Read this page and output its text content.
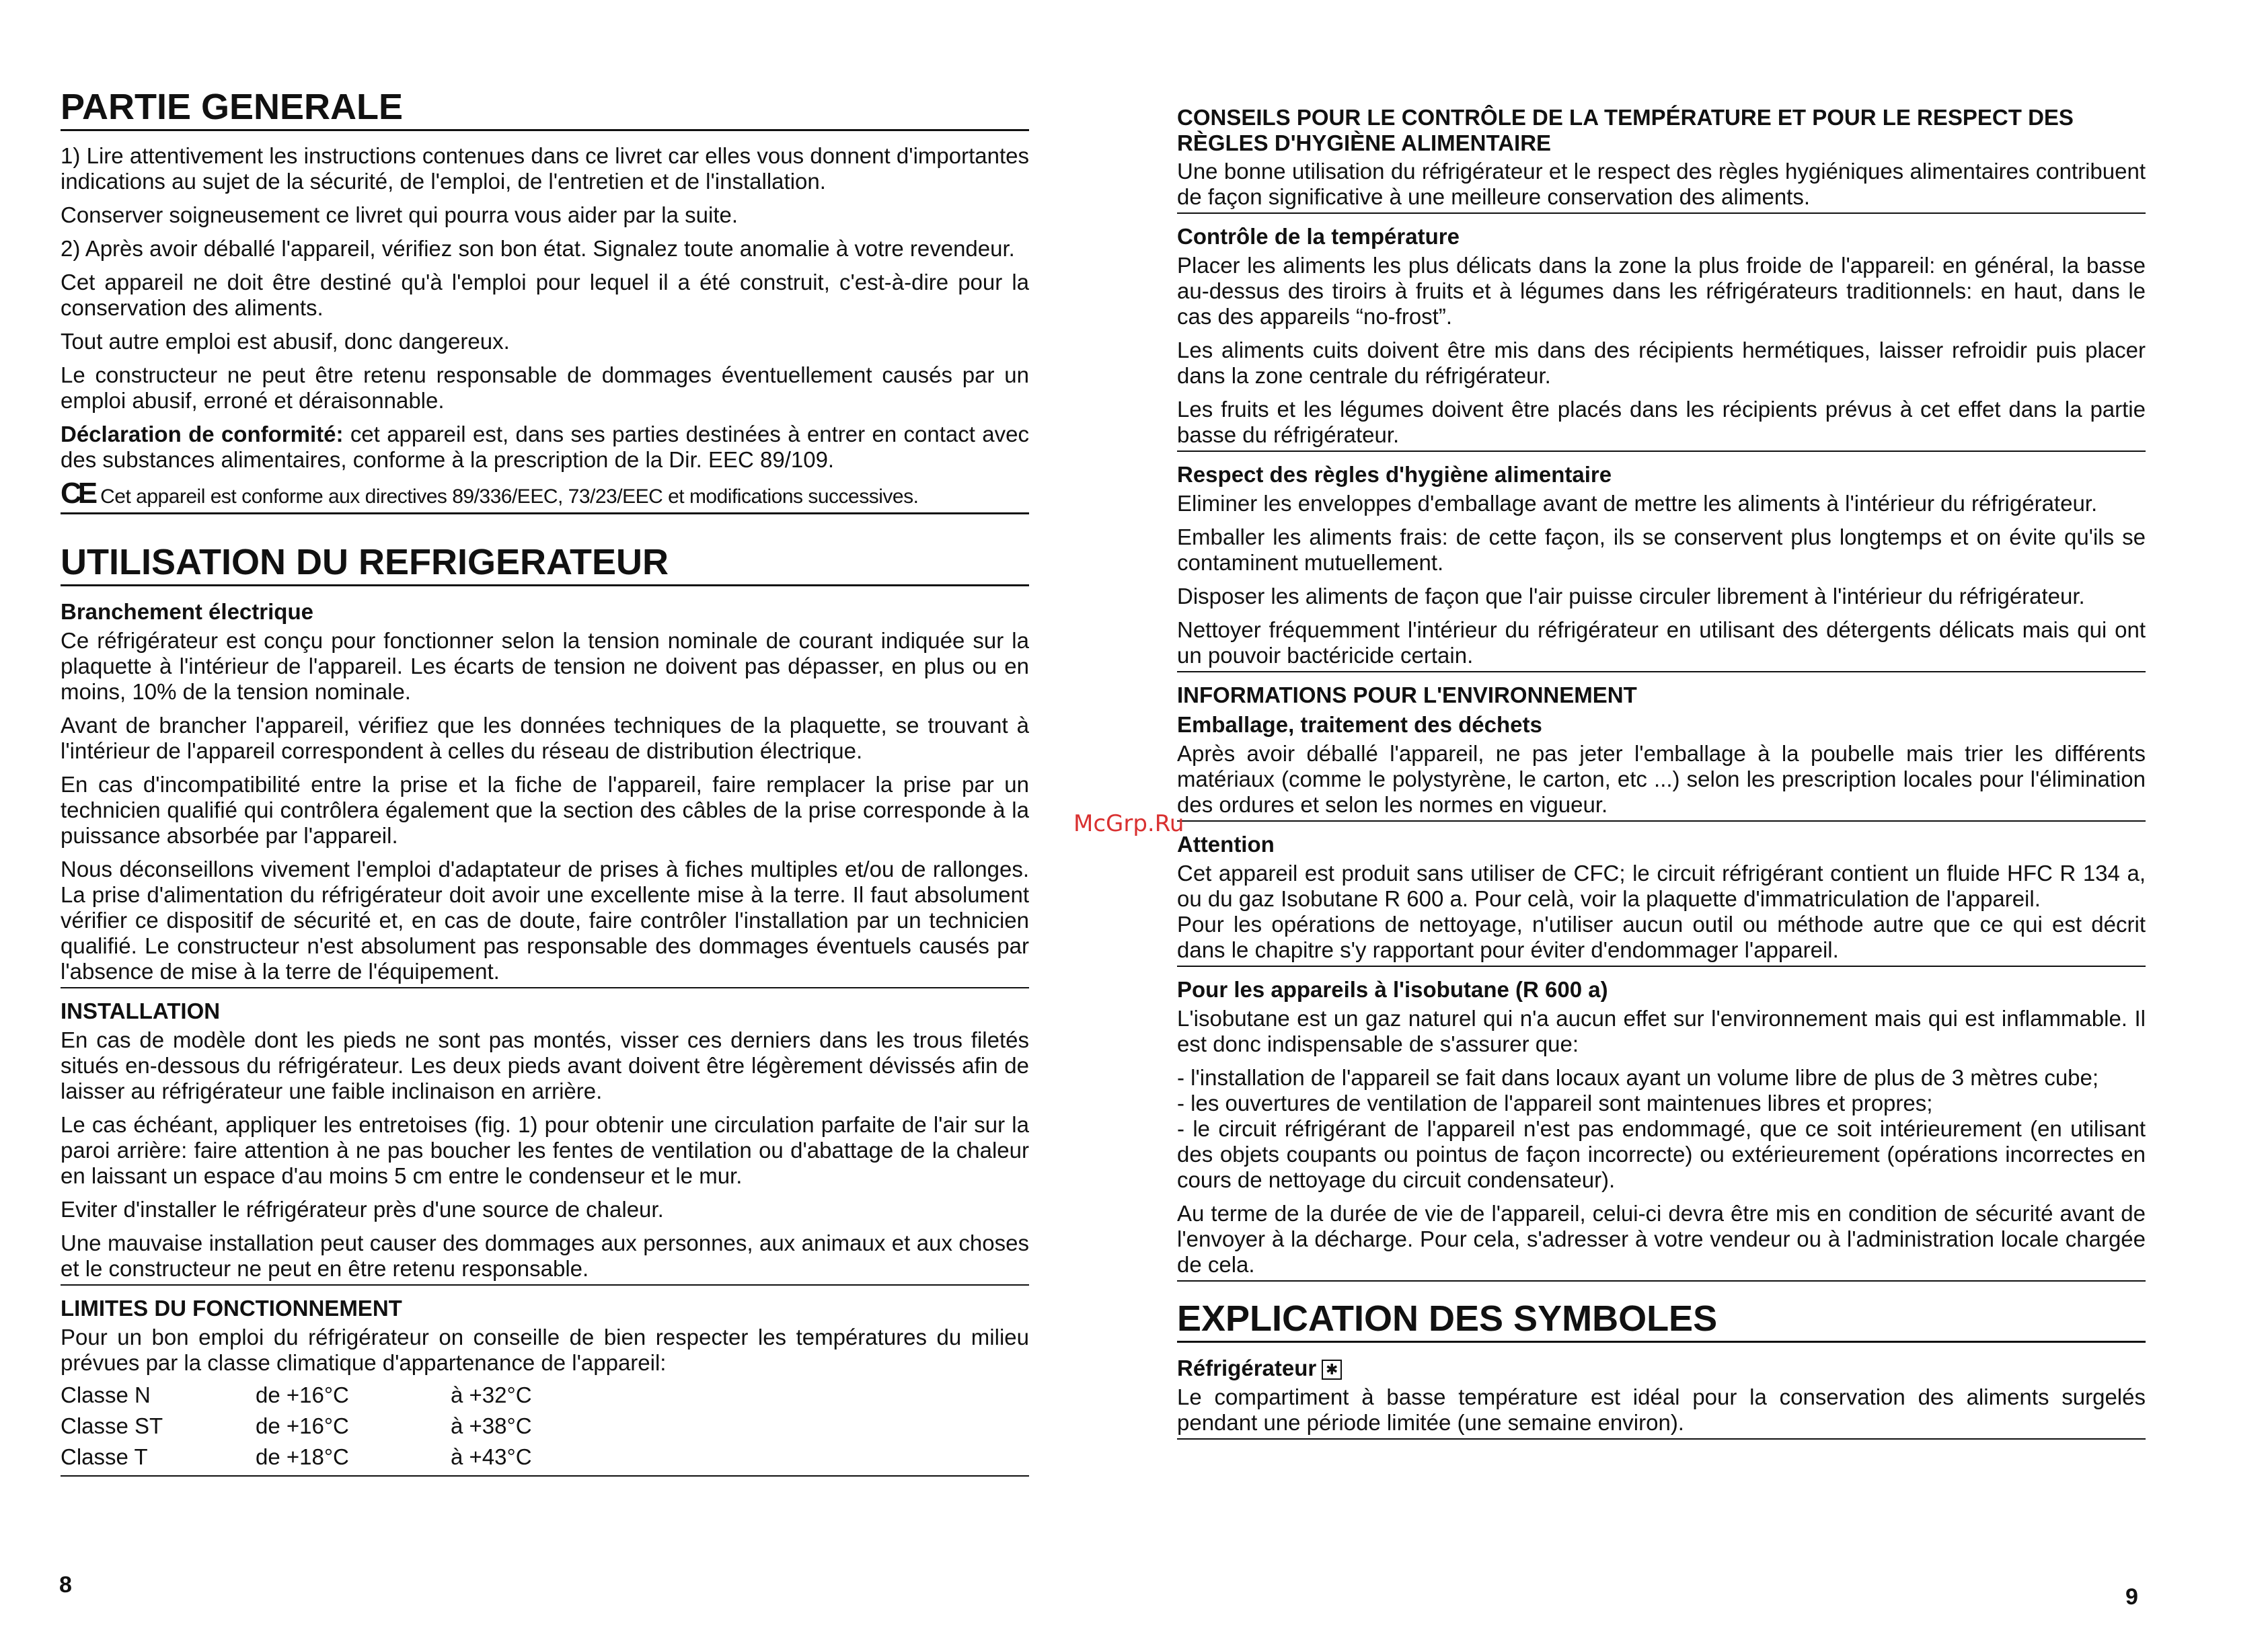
PARTIE GENERALE

1) Lire attentivement les instructions contenues dans ce livret car elles vous donnent d'importantes indications au sujet de la sécurité, de l'emploi, de l'entretien et de l'installation.

Conserver soigneusement ce livret qui pourra vous aider par la suite.

2) Après avoir déballé l'appareil, vérifiez son bon état. Signalez toute anomalie à votre revendeur.

Cet appareil ne doit être destiné qu'à l'emploi pour lequel il a été construit, c'est-à-dire pour la conservation des aliments.

Tout autre emploi est abusif, donc dangereux.

Le constructeur ne peut être retenu responsable de dommages éventuellement causés par un emploi abusif, erroné et déraisonnable.

Déclaration de conformité: cet appareil est, dans ses parties destinées à entrer en contact avec des substances alimentaires, conforme à la prescription de la Dir. EEC 89/109.

CE Cet appareil est conforme aux directives 89/336/EEC, 73/23/EEC et modifications successives.

UTILISATION DU REFRIGERATEUR
Branchement électrique

Ce réfrigérateur est conçu pour fonctionner selon la tension nominale de courant indiquée sur la plaquette à l'intérieur de l'appareil. Les écarts de tension ne doivent pas dépasser, en plus ou en moins, 10% de la tension nominale.

Avant de brancher l'appareil, vérifiez que les données techniques de la plaquette, se trouvant à l'intérieur de l'appareil correspondent à celles du réseau de distribution électrique.

En cas d'incompatibilité entre la prise et la fiche de l'appareil, faire remplacer la prise par un technicien qualifié qui contrôlera également que la section des câbles de la prise corresponde à la puissance absorbée par l'appareil.

Nous déconseillons vivement l'emploi d'adaptateur de prises à fiches multiples et/ou de rallonges. La prise d'alimentation du réfrigérateur doit avoir une excellente mise à la terre. Il faut absolument vérifier ce dispositif de sécurité et, en cas de doute, faire contrôler l'installation par un technicien qualifié. Le constructeur n'est absolument pas responsable des dommages éventuels causés par l'absence de mise à la terre de l'équipement.

INSTALLATION

En cas de modèle dont les pieds ne sont pas montés, visser ces derniers dans les trous filetés situés en-dessous du réfrigérateur. Les deux pieds avant doivent être légèrement dévissés afin de laisser au réfrigérateur une faible inclinaison en arrière.

Le cas échéant, appliquer les entretoises (fig. 1) pour obtenir une circulation parfaite de l'air sur la paroi arrière: faire attention à ne pas boucher les fentes de ventilation ou d'abattage de la chaleur en laissant un espace d'au moins 5 cm entre le condenseur et le mur.

Eviter d'installer le réfrigérateur près d'une source de chaleur.

Une mauvaise installation peut causer des dommages aux personnes, aux animaux et aux choses et le constructeur ne peut en être retenu responsable.

LIMITES DU FONCTIONNEMENT

Pour un bon emploi du réfrigérateur on conseille de bien respecter les températures du milieu prévues par la classe climatique d'appartenance de l'appareil:

Classe N	de +16°C	à +32°C
Classe ST	de +16°C	à +38°C
Classe T	de +18°C	à +43°C
8
CONSEILS POUR LE CONTRÔLE DE LA TEMPÉRATURE ET POUR LE RESPECT DES RÈGLES D'HYGIÈNE ALIMENTAIRE

Une bonne utilisation du réfrigérateur et le respect des règles hygiéniques alimentaires contribuent de façon significative à une meilleure conservation des aliments.

Contrôle de la température

Placer les aliments les plus délicats dans la zone la plus froide de l'appareil: en général, la basse au-dessus des tiroirs à fruits et à légumes dans les réfrigérateurs traditionnels: en haut, dans le cas des appareils “no-frost”.

Les aliments cuits doivent être mis dans des récipients hermétiques, laisser refroidir puis placer dans la zone centrale du réfrigérateur.

Les fruits et les légumes doivent être placés dans les récipients prévus à cet effet dans la partie basse du réfrigérateur.

Respect des règles d'hygiène alimentaire

Eliminer les enveloppes d'emballage avant de mettre les aliments à l'intérieur du réfrigérateur.

Emballer les aliments frais: de cette façon, ils se conservent plus longtemps et on évite qu'ils se contaminent mutuellement.

Disposer les aliments de façon que l'air puisse circuler librement à l'intérieur du réfrigérateur.

Nettoyer fréquemment l'intérieur du réfrigérateur en utilisant des détergents délicats mais qui ont un pouvoir bactéricide certain.

INFORMATIONS POUR L'ENVIRONNEMENT
Emballage, traitement des déchets

Après avoir déballé l'appareil, ne pas jeter l'emballage à la poubelle mais trier les différents matériaux (comme le polystyrène, le carton, etc ...) selon les prescription locales pour l'élimination des ordures et selon les normes en vigueur.

Attention

Cet appareil est produit sans utiliser de CFC; le circuit réfrigérant contient un fluide HFC R 134 a, ou du gaz Isobutane R 600 a. Pour celà, voir la plaquette d'immatriculation de l'appareil.

Pour les opérations de nettoyage, n'utiliser aucun outil ou méthode autre que ce qui est décrit dans le chapitre s'y rapportant pour éviter d'endommager l'appareil.

Pour les appareils à l'isobutane (R 600 a)

L'isobutane est un gaz naturel qui n'a aucun effet sur l'environnement mais qui est inflammable. Il est donc indispensable de s'assurer que:

- l'installation de l'appareil se fait dans locaux ayant un volume libre de plus de 3 mètres cube;

- les ouvertures de ventilation de l'appareil sont maintenues libres et propres;

- le circuit réfrigérant de l'appareil n'est pas endommagé, que ce soit intérieurement (en utilisant des objets coupants ou pointus de façon incorrecte) ou extérieurement (opérations incorrectes en cours de nettoyage du circuit condensateur).

Au terme de la durée de vie de l'appareil, celui-ci devra être mis en condition de sécurité avant de l'envoyer à la décharge. Pour cela, s'adresser à votre vendeur ou à l'administration locale chargée de cela.

EXPLICATION DES SYMBOLES
Réfrigérateur ✱

Le compartiment à basse température est idéal pour la conservation des aliments surgelés pendant une période limitée (une semaine environ).

9
McGrp.Ru
